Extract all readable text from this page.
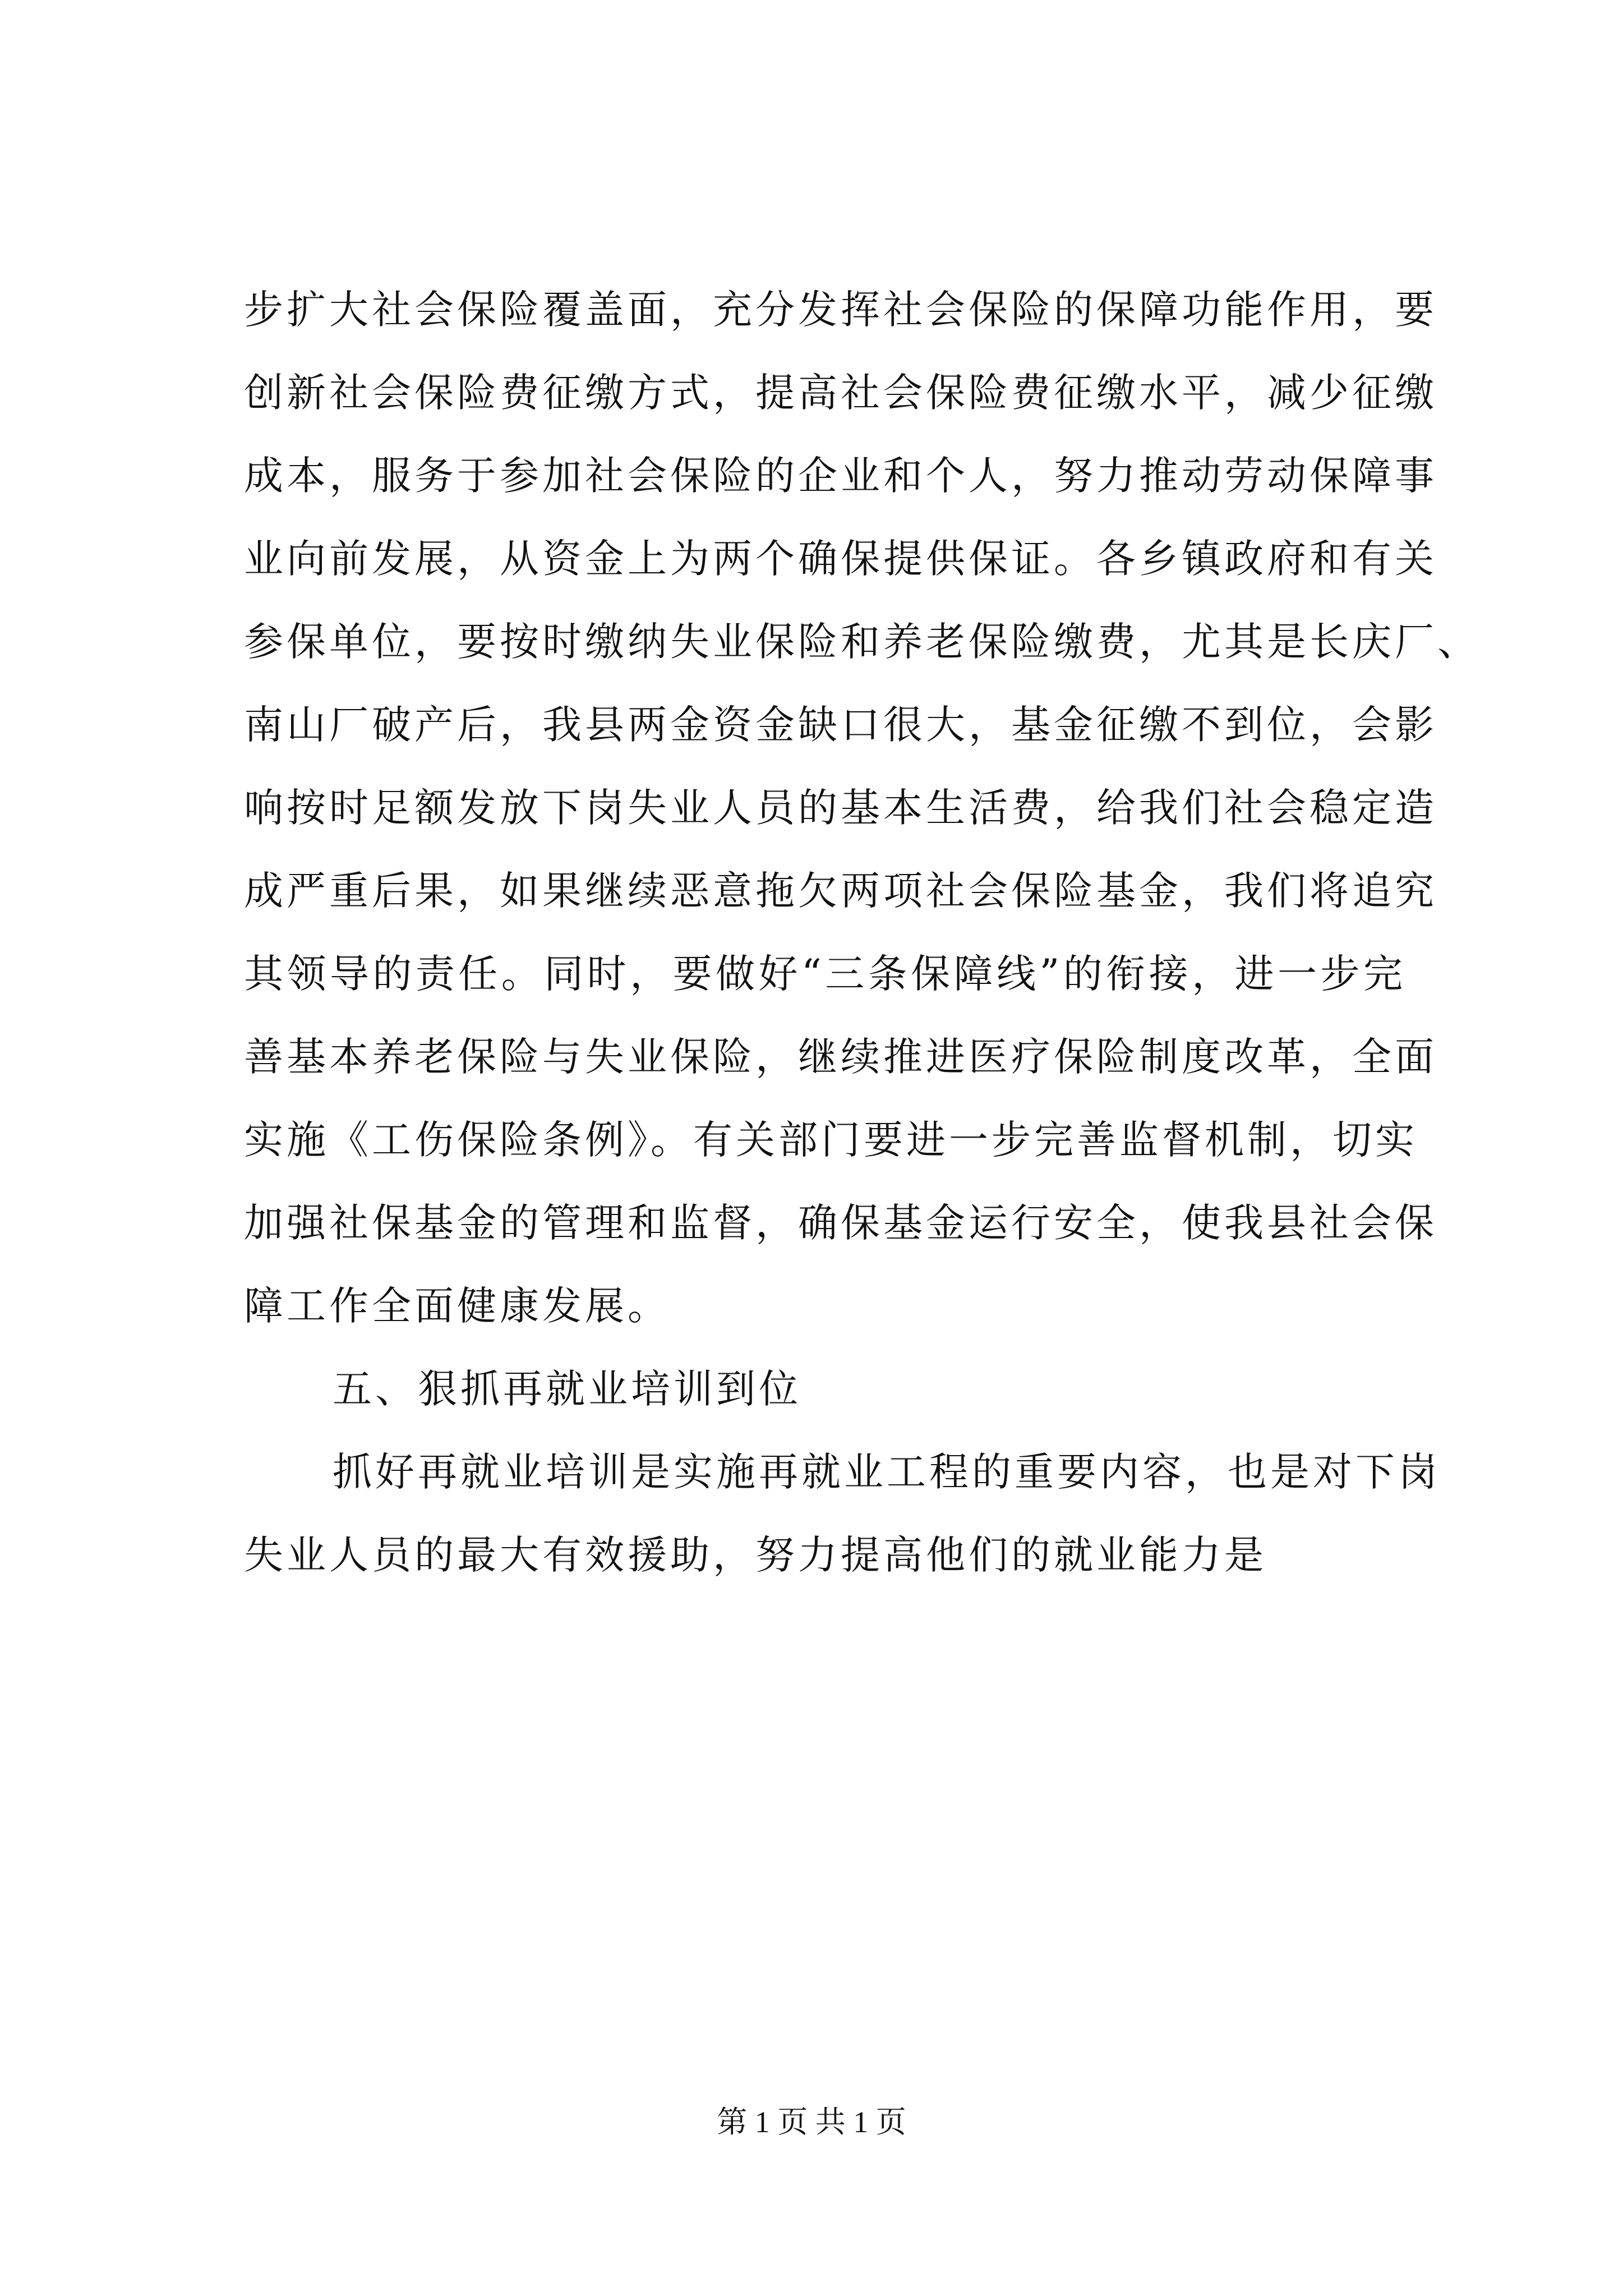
步扩大社会保险覆盖面，充分发挥社会保险的保障功能作用，要
创新社会保险费征缴方式，提高社会保险费征缴水平，减少征缴
成本，服务于参加社会保险的企业和个人，努力推动劳动保障事
业向前发展，从资金上为两个确保提供保证。各乡镇政府和有关
参保单位，要按时缴纳失业保险和养老保险缴费，尤其是长庆厂、
南山厂破产后，我县两金资金缺口很大，基金征缴不到位，会影
响按时足额发放下岗失业人员的基本生活费，给我们社会稳定造
成严重后果，如果继续恶意拖欠两项社会保险基金，我们将追究
其领导的责任。同时，要做好“三条保障线”的衔接，进一步完
善基本养老保险与失业保险，继续推进医疗保险制度改革，全面
实施《工伤保险条例》。有关部门要进一步完善监督机制，切实
加强社保基金的管理和监督，确保基金运行安全，使我县社会保
障工作全面健康发展。
五、狠抓再就业培训到位
抓好再就业培训是实施再就业工程的重要内容，也是对下岗
失业人员的最大有效援助，努力提高他们的就业能力是
第 1 页 共 1 页
